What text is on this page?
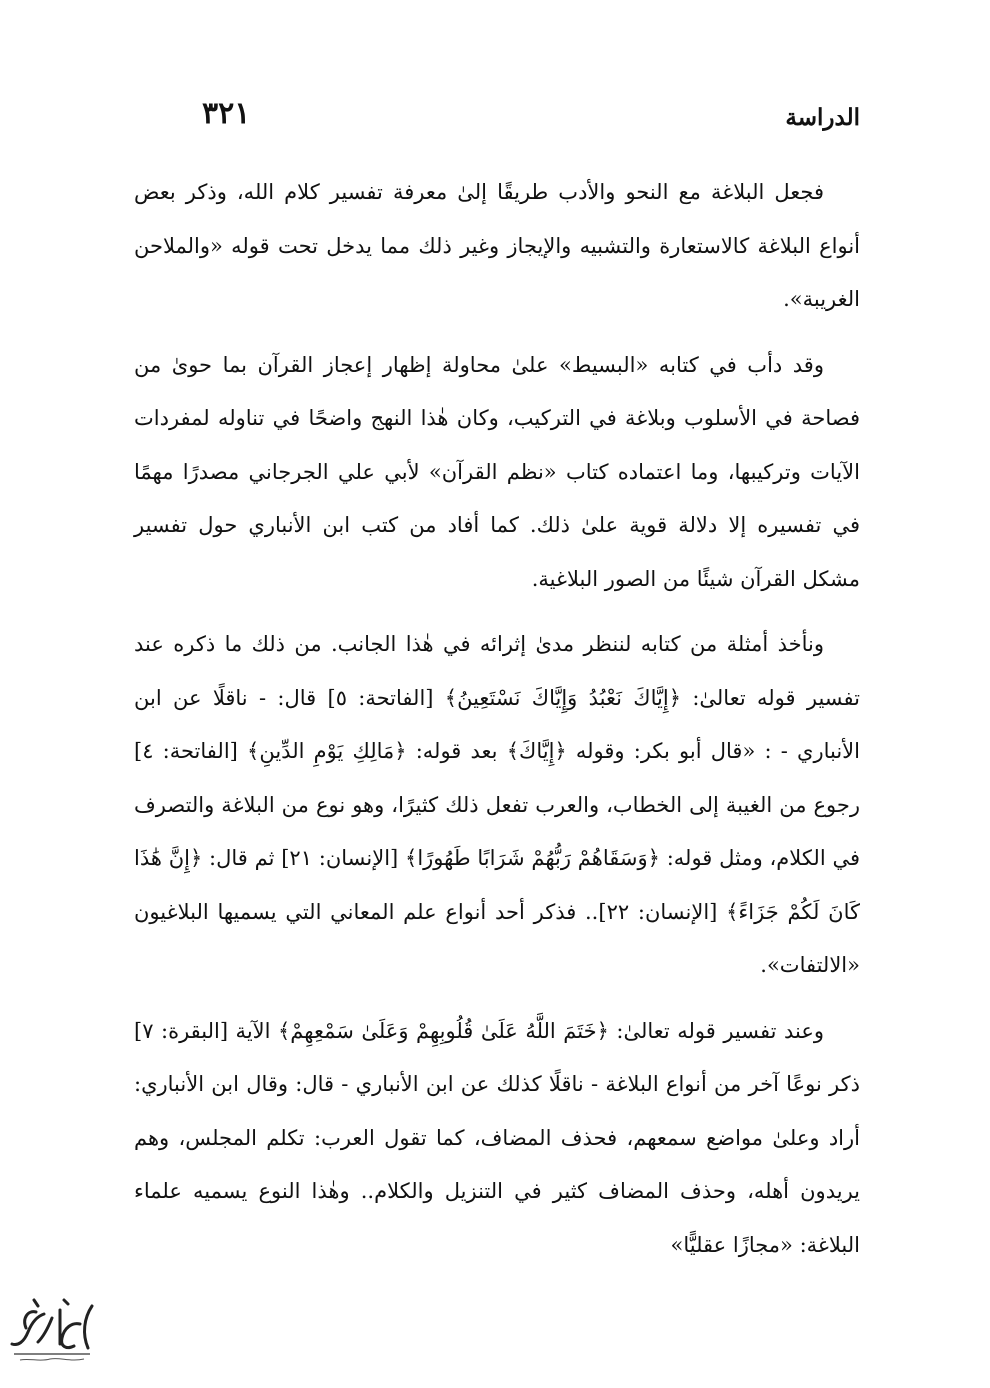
الدراسة
٣٢١

فجعل البلاغة مع النحو والأدب طريقًا إلىٰ معرفة تفسير كلام الله، وذكر بعض أنواع البلاغة كالاستعارة والتشبيه والإيجاز وغير ذلك مما يدخل تحت قوله «والملاحن الغريبة».

وقد دأب في كتابه «البسيط» علىٰ محاولة إظهار إعجاز القرآن بما حوىٰ من فصاحة في الأسلوب وبلاغة في التركيب، وكان هٰذا النهج واضحًا في تناوله لمفردات الآيات وتركيبها، وما اعتماده كتاب «نظم القرآن» لأبي علي الجرجاني مصدرًا مهمًا في تفسيره إلا دلالة قوية علىٰ ذلك. كما أفاد من كتب ابن الأنباري حول تفسير مشكل القرآن شيئًا من الصور البلاغية.

ونأخذ أمثلة من كتابه لننظر مدىٰ إثرائه في هٰذا الجانب. من ذلك ما ذكره عند تفسير قوله تعالىٰ: ﴿إِيَّاكَ نَعْبُدُ وَإِيَّاكَ نَسْتَعِينُ﴾ [الفاتحة: ٥] قال: - ناقلًا عن ابن الأنباري - : «قال أبو بكر: وقوله ﴿إِيَّاكَ﴾ بعد قوله: ﴿مَالِكِ يَوْمِ الدِّينِ﴾ [الفاتحة: ٤] رجوع من الغيبة إلى الخطاب، والعرب تفعل ذلك كثيرًا، وهو نوع من البلاغة والتصرف في الكلام، ومثل قوله: ﴿وَسَقَاهُمْ رَبُّهُمْ شَرَابًا طَهُورًا﴾ [الإنسان: ٢١] ثم قال: ﴿إِنَّ هَٰذَا كَانَ لَكُمْ جَزَاءً﴾ [الإنسان: ٢٢].. فذكر أحد أنواع علم المعاني التي يسميها البلاغيون «الالتفات».

وعند تفسير قوله تعالىٰ: ﴿خَتَمَ اللَّهُ عَلَىٰ قُلُوبِهِمْ وَعَلَىٰ سَمْعِهِمْ﴾ الآية [البقرة: ٧] ذكر نوعًا آخر من أنواع البلاغة - ناقلًا كذلك عن ابن الأنباري - قال: وقال ابن الأنباري: أراد وعلىٰ مواضع سمعهم، فحذف المضاف، كما تقول العرب: تكلم المجلس، وهم يريدون أهله، وحذف المضاف كثير في التنزيل والكلام.. وهٰذا النوع يسميه علماء البلاغة: «مجازًا عقليًّا»
